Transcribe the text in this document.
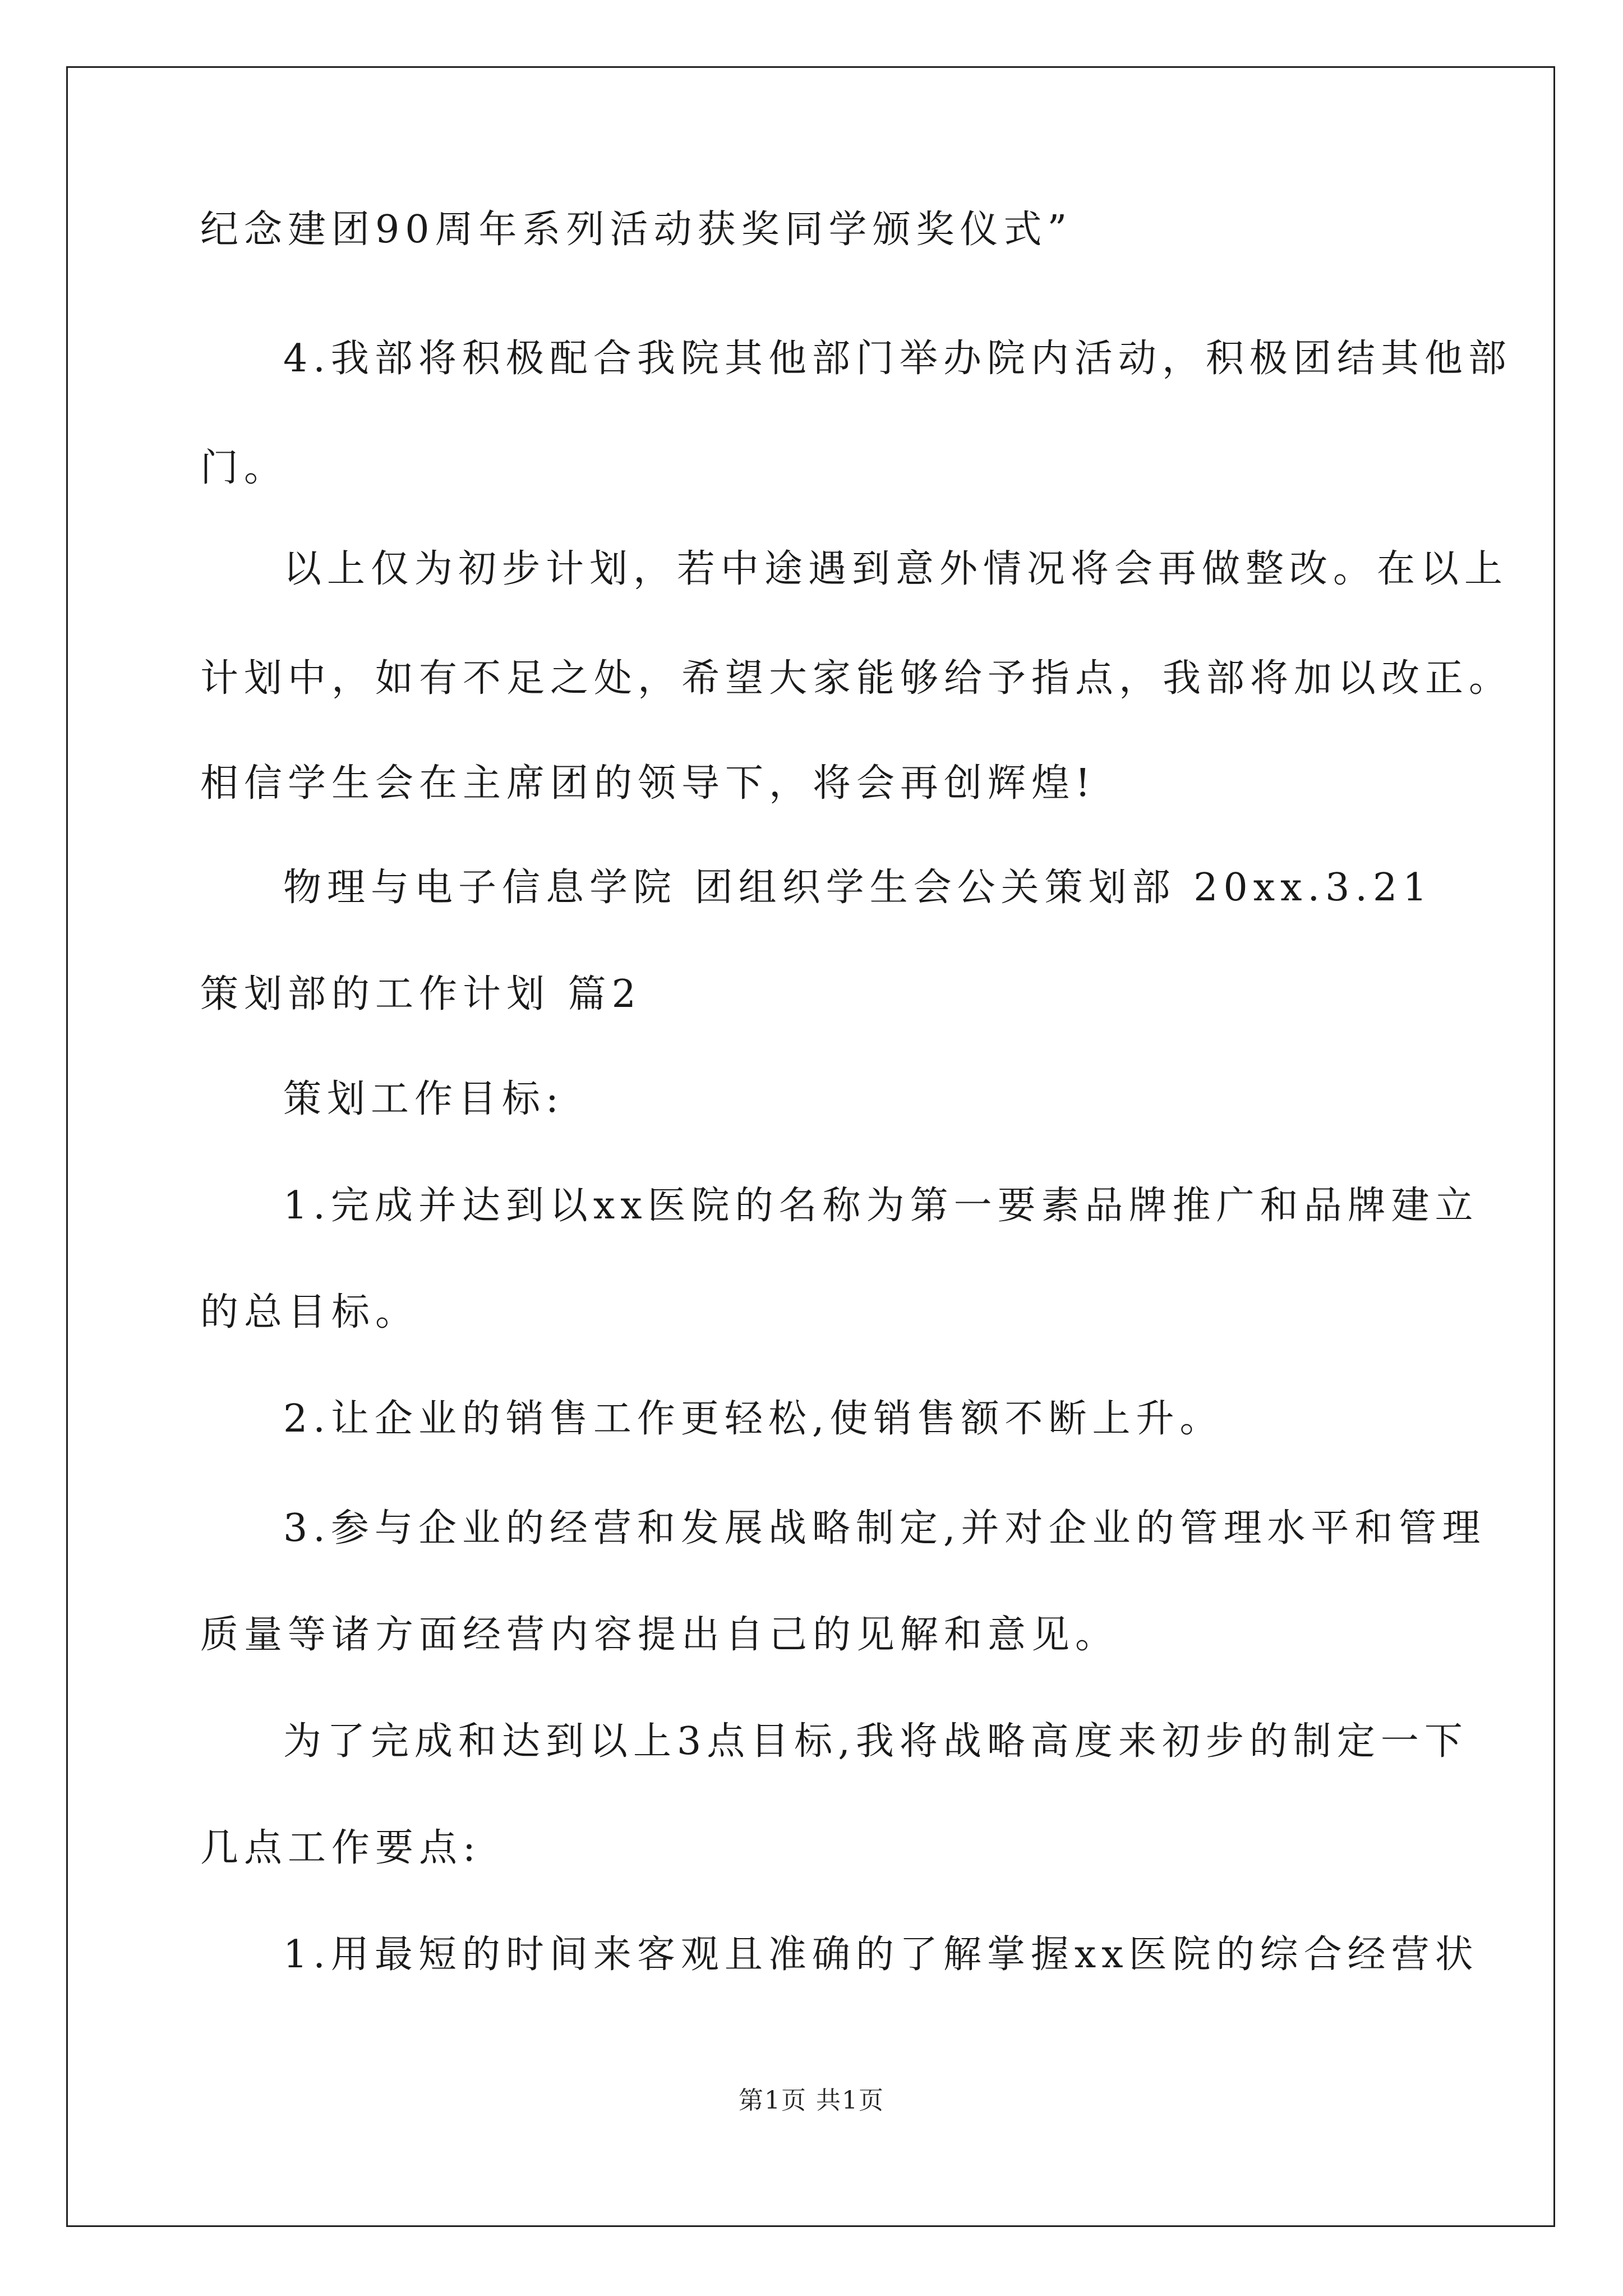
纪念建团90周年系列活动获奖同学颁奖仪式”
4.我部将积极配合我院其他部门举办院内活动，积极团结其他部
门。
以上仅为初步计划，若中途遇到意外情况将会再做整改。在以上
计划中，如有不足之处，希望大家能够给予指点，我部将加以改正。
相信学生会在主席团的领导下，将会再创辉煌!
物理与电子信息学院 团组织学生会公关策划部 20xx.3.21
策划部的工作计划 篇2
策划工作目标:
1.完成并达到以xx医院的名称为第一要素品牌推广和品牌建立
的总目标。
2.让企业的销售工作更轻松,使销售额不断上升。
3.参与企业的经营和发展战略制定,并对企业的管理水平和管理
质量等诸方面经营内容提出自己的见解和意见。
为了完成和达到以上3点目标,我将战略高度来初步的制定一下
几点工作要点:
1.用最短的时间来客观且准确的了解掌握xx医院的综合经营状
第1页 共1页
